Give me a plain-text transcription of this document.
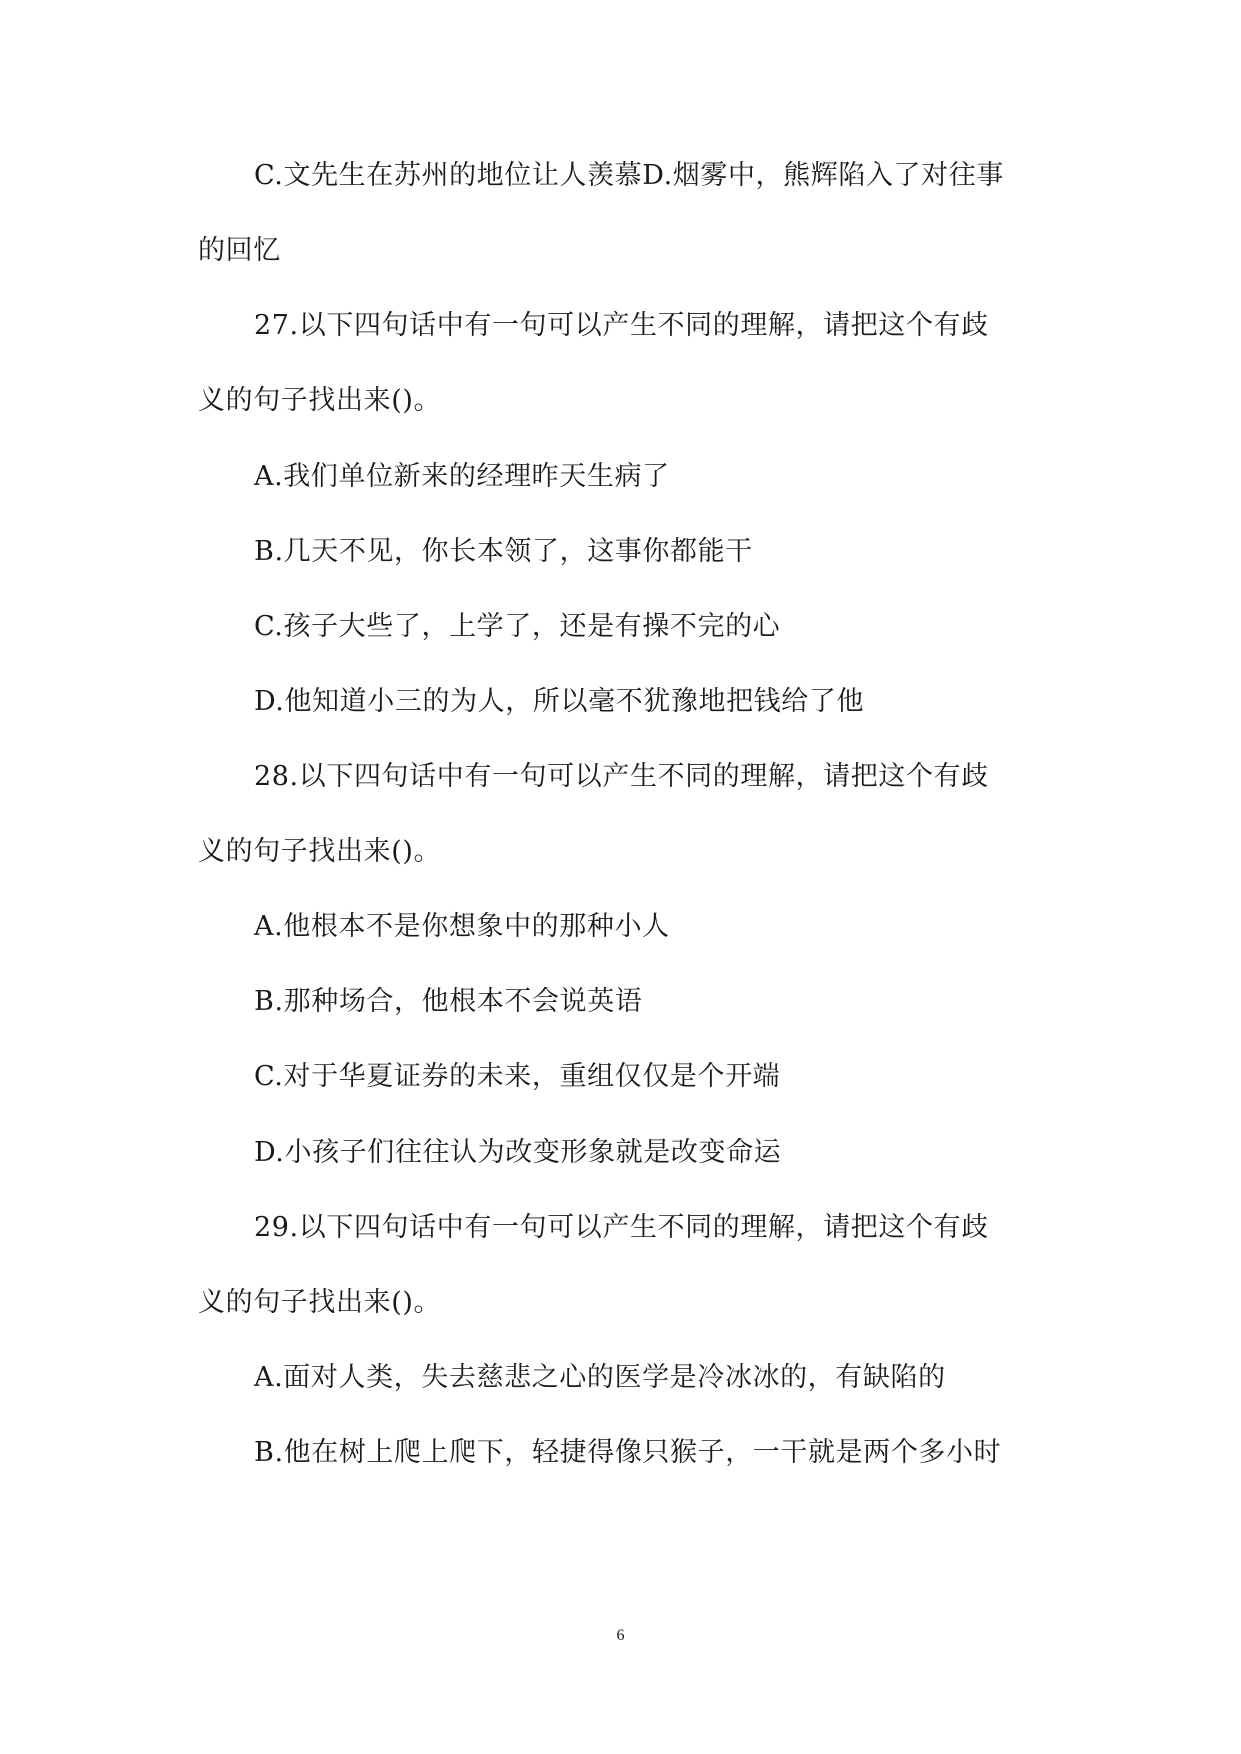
C.文先生在苏州的地位让人羡慕D.烟雾中，熊辉陷入了对往事
的回忆
27.以下四句话中有一句可以产生不同的理解，请把这个有歧
义的句子找出来()。
A.我们单位新来的经理昨天生病了
B.几天不见，你长本领了，这事你都能干
C.孩子大些了，上学了，还是有操不完的心
D.他知道小三的为人，所以毫不犹豫地把钱给了他
28.以下四句话中有一句可以产生不同的理解，请把这个有歧
义的句子找出来()。
A.他根本不是你想象中的那种小人
B.那种场合，他根本不会说英语
C.对于华夏证券的未来，重组仅仅是个开端
D.小孩子们往往认为改变形象就是改变命运
29.以下四句话中有一句可以产生不同的理解，请把这个有歧
义的句子找出来()。
A.面对人类，失去慈悲之心的医学是冷冰冰的，有缺陷的
B.他在树上爬上爬下，轻捷得像只猴子，一干就是两个多小时
6
